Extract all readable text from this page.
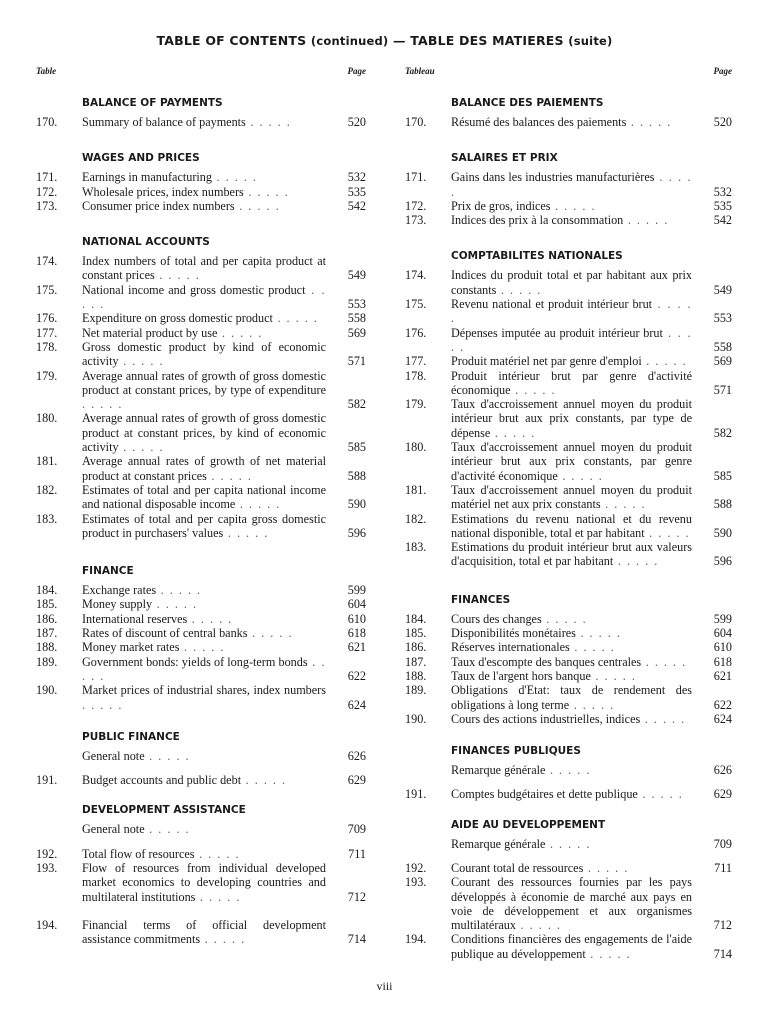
TABLE OF CONTENTS (continued) — TABLE DES MATIERES (suite)
Table	Page
BALANCE OF PAYMENTS
170.	Summary of balance of payments . . . . .	520
WAGES AND PRICES
171.	Earnings in manufacturing . . . . .	532
172.	Wholesale prices, index numbers . . . . .	535
173.	Consumer price index numbers . . . . .	542
NATIONAL ACCOUNTS
174.	Index numbers of total and per capita product at constant prices . . . . .	549
175.	National income and gross domestic product . . . . .	553
176.	Expenditure on gross domestic product . . . . .	558
177.	Net material product by use . . . . .	569
178.	Gross domestic product by kind of economic activity . . . . .	571
179.	Average annual rates of growth of gross domestic product at constant prices, by type of expenditure . . . . .	582
180.	Average annual rates of growth of gross domestic product at constant prices, by kind of economic activity . . . . .	585
181.	Average annual rates of growth of net material product at constant prices . . . . .	588
182.	Estimates of total and per capita national income and national disposable income . . . . .	590
183.	Estimates of total and per capita gross domestic product in purchasers' values . . . . .	596
FINANCE
184.	Exchange rates . . . . .	599
185.	Money supply . . . . .	604
186.	International reserves . . . . .	610
187.	Rates of discount of central banks . . . . .	618
188.	Money market rates . . . . .	621
189.	Government bonds: yields of long-term bonds . . . . .	622
190.	Market prices of industrial shares, index numbers . . . . .	624
PUBLIC FINANCE
General note . . . . .	626
191.	Budget accounts and public debt . . . . .	629
DEVELOPMENT ASSISTANCE
General note . . . . .	709
192.	Total flow of resources . . . . .	711
193.	Flow of resources from individual developed market economics to developing countries and multilateral institutions . . . . .	712
194.	Financial terms of official development assistance commitments . . . . .	714
Tableau	Page
BALANCE DES PAIEMENTS
170.	Résumé des balances des paiements . . . . .	520
SALAIRES ET PRIX
171.	Gains dans les industries manufacturières . . . . .	532
172.	Prix de gros, indices . . . . .	535
173.	Indices des prix à la consommation . . . . .	542
COMPTABILITES NATIONALES
174.	Indices du produit total et par habitant aux prix constants . . . . .	549
175.	Revenu national et produit intérieur brut . . . . .	553
176.	Dépenses imputée au produit intérieur brut . . . . .	558
177.	Produit matériel net par genre d'emploi . . . . .	569
178.	Produit intérieur brut par genre d'activité économique . . . . .	571
179.	Taux d'accroissement annuel moyen du produit intérieur brut aux prix constants, par type de dépense . . . . .	582
180.	Taux d'accroissement annuel moyen du produit intérieur brut aux prix constants, par genre d'activité économique . . . . .	585
181.	Taux d'accroissement annuel moyen du produit matériel net aux prix constants . . . . .	588
182.	Estimations du revenu national et du revenu national disponible, total et par habitant . . . . .	590
183.	Estimations du produit intérieur brut aux valeurs d'acquisition, total et par habitant . . . . .	596
FINANCES
184.	Cours des changes . . . . .	599
185.	Disponibilités monétaires . . . . .	604
186.	Réserves internationales . . . . .	610
187.	Taux d'escompte des banques centrales . . . . .	618
188.	Taux de l'argent hors banque . . . . .	621
189.	Obligations d'Etat: taux de rendement des obligations à long terme . . . . .	622
190.	Cours des actions industrielles, indices . . . . .	624
FINANCES PUBLIQUES
Remarque générale . . . . .	626
191.	Comptes budgétaires et dette publique . . . . .	629
AIDE AU DEVELOPPEMENT
Remarque générale . . . . .	709
192.	Courant total de ressources . . . . .	711
193.	Courant des ressources fournies par les pays développés à économie de marché aux pays en voie de développement et aux organismes multilatéraux . . . . .	712
194.	Conditions financières des engagements de l'aide publique au développement . . . . .	714
viii
